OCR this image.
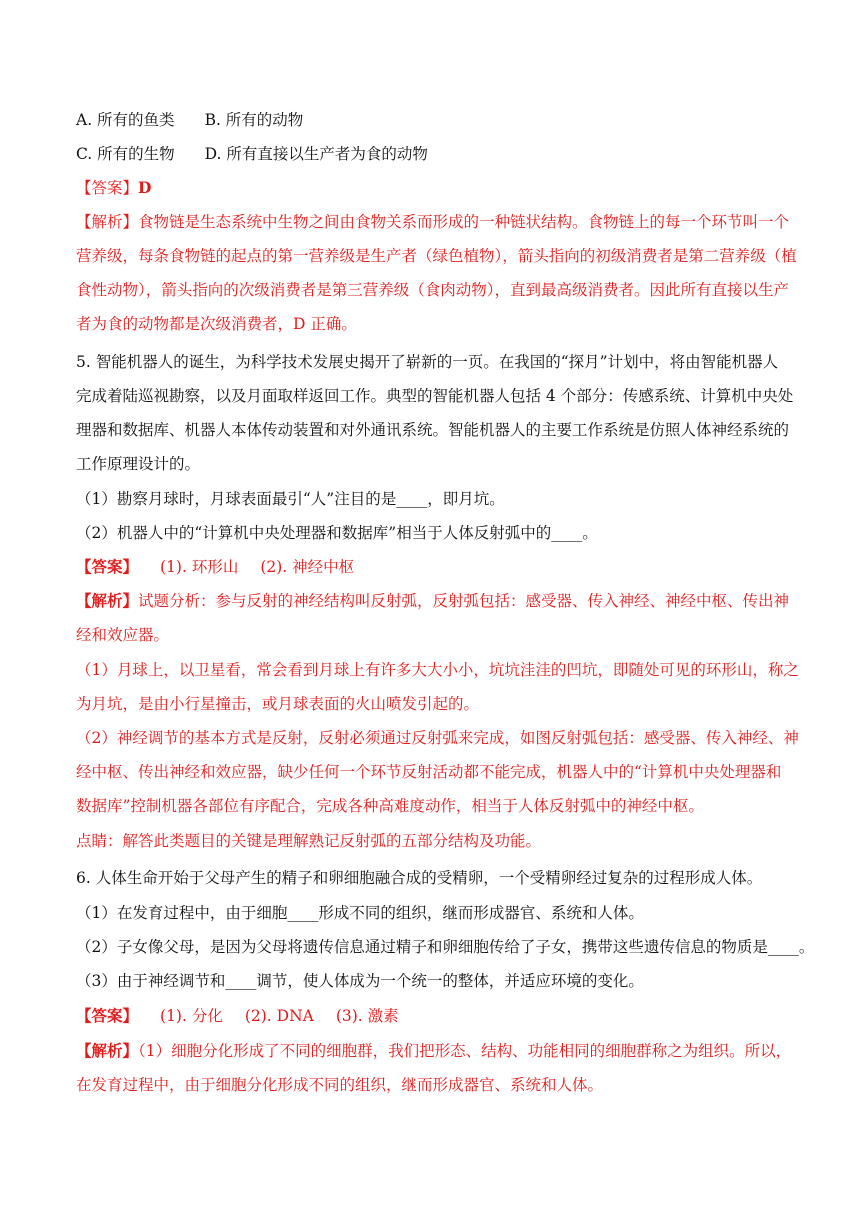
A. 所有的鱼类 B. 所有的动物
C. 所有的生物 D. 所有直接以生产者为食的动物
【答案】D
【解析】食物链是生态系统中生物之间由食物关系而形成的一种链状结构。食物链上的每一个环节叫一个
营养级，每条食物链的起点的第一营养级是生产者（绿色植物），箭头指向的初级消费者是第二营养级（植
食性动物），箭头指向的次级消费者是第三营养级（食肉动物），直到最高级消费者。因此所有直接以生产
者为食的动物都是次级消费者，D 正确。
5. 智能机器人的诞生，为科学技术发展史揭开了崭新的一页。在我国的“探月”计划中，将由智能机器人
完成着陆巡视勘察，以及月面取样返回工作。典型的智能机器人包括 4 个部分：传感系统、计算机中央处
理器和数据库、机器人本体传动装置和对外通讯系统。智能机器人的主要工作系统是仿照人体神经系统的
工作原理设计的。
（1）勘察月球时，月球表面最引“人”注目的是____，即月坑。
（2）机器人中的“计算机中央处理器和数据库”相当于人体反射弧中的____。
【答案】 (1). 环形山 (2). 神经中枢
【解析】试题分析：参与反射的神经结构叫反射弧，反射弧包括：感受器、传入神经、神经中枢、传出神
经和效应器。
（1）月球上，以卫星看，常会看到月球上有许多大大小小，坑坑洼洼的凹坑，即随处可见的环形山，称之
为月坑，是由小行星撞击，或月球表面的火山喷发引起的。
（2）神经调节的基本方式是反射，反射必须通过反射弧来完成，如图反射弧包括：感受器、传入神经、神
经中枢、传出神经和效应器，缺少任何一个环节反射活动都不能完成，机器人中的“计算机中央处理器和
数据库”控制机器各部位有序配合，完成各种高难度动作，相当于人体反射弧中的神经中枢。
点睛：解答此类题目的关键是理解熟记反射弧的五部分结构及功能。
6. 人体生命开始于父母产生的精子和卵细胞融合成的受精卵，一个受精卵经过复杂的过程形成人体。
（1）在发育过程中，由于细胞____形成不同的组织，继而形成器官、系统和人体。
（2）子女像父母，是因为父母将遗传信息通过精子和卵细胞传给了子女，携带这些遗传信息的物质是____。
（3）由于神经调节和____调节，使人体成为一个统一的整体，并适应环境的变化。
【答案】 (1). 分化 (2). DNA (3). 激素
【解析】（1）细胞分化形成了不同的细胞群，我们把形态、结构、功能相同的细胞群称之为组织。所以，
在发育过程中，由于细胞分化形成不同的组织，继而形成器官、系统和人体。
